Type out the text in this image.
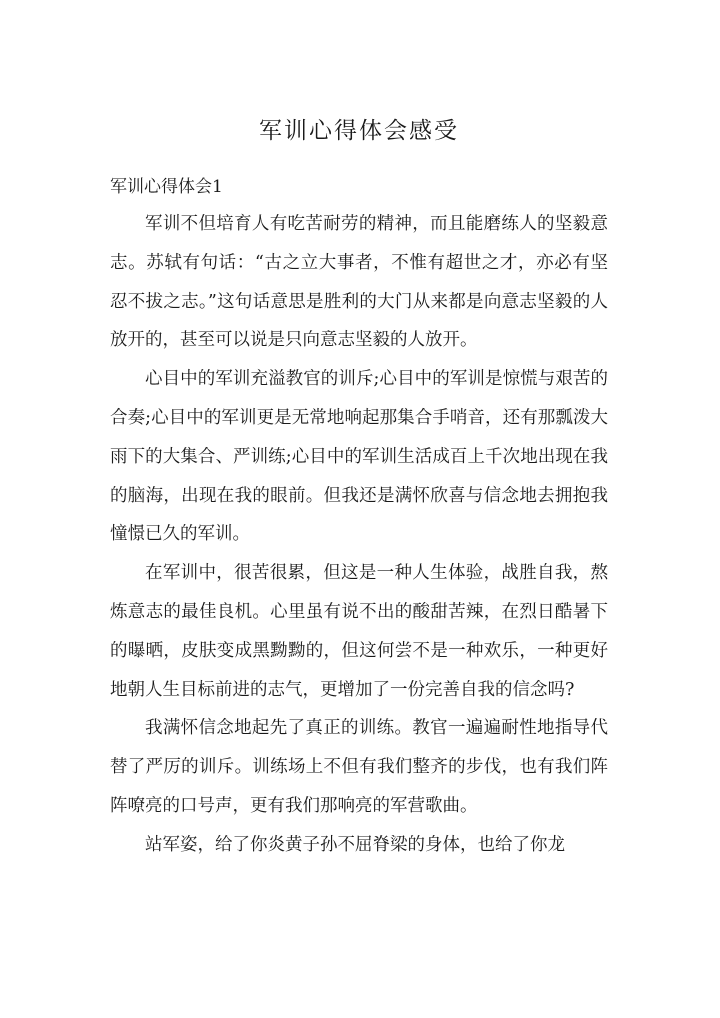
军训心得体会感受
军训心得体会1

军训不但培育人有吃苦耐劳的精神，而且能磨练人的坚毅意志。苏轼有句话：“古之立大事者，不惟有超世之才，亦必有坚忍不拔之志。”这句话意思是胜利的大门从来都是向意志坚毅的人放开的，甚至可以说是只向意志坚毅的人放开。

心目中的军训充溢教官的训斥;心目中的军训是惊慌与艰苦的合奏;心目中的军训更是无常地响起那集合手哨音，还有那瓢泼大雨下的大集合、严训练;心目中的军训生活成百上千次地出现在我的脑海，出现在我的眼前。但我还是满怀欣喜与信念地去拥抱我憧憬已久的军训。

在军训中，很苦很累，但这是一种人生体验，战胜自我，熬炼意志的最佳良机。心里虽有说不出的酸甜苦辣，在烈日酷暑下的曝晒，皮肤变成黑黝黝的，但这何尝不是一种欢乐，一种更好地朝人生目标前进的志气，更增加了一份完善自我的信念吗?

我满怀信念地起先了真正的训练。教官一遍遍耐性地指导代替了严厉的训斥。训练场上不但有我们整齐的步伐，也有我们阵阵嘹亮的口号声，更有我们那响亮的军营歌曲。

站军姿，给了你炎黄子孙不屈脊梁的身体，也给了你龙
